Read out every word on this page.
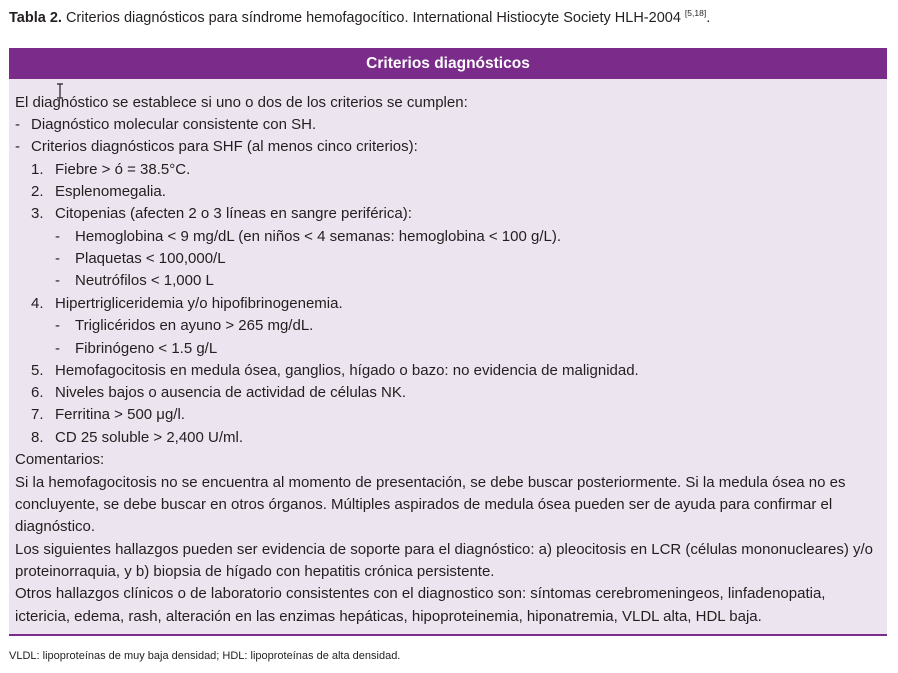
Tabla 2. Criterios diagnósticos para síndrome hemofagocítico. International Histiocyte Society HLH-2004 [5,18].
Criterios diagnósticos
El diagnóstico se establece si uno o dos de los criterios se cumplen:
- Diagnóstico molecular consistente con SH.
- Criterios diagnósticos para SHF (al menos cinco criterios):
1. Fiebre > ó = 38.5°C.
2. Esplenomegalia.
3. Citopenias (afecten 2 o 3 líneas en sangre periférica):
- Hemoglobina < 9 mg/dL (en niños < 4 semanas: hemoglobina < 100 g/L).
- Plaquetas < 100,000/L
- Neutrófilos < 1,000 L
4. Hipertrigliceridemia y/o hipofibrinogenemia.
- Triglicéridos en ayuno > 265 mg/dL.
- Fibrinógeno < 1.5 g/L
5. Hemofagocitosis en medula ósea, ganglios, hígado o bazo: no evidencia de malignidad.
6. Niveles bajos o ausencia de actividad de células NK.
7. Ferritina > 500 μg/l.
8. CD 25 soluble > 2,400 U/ml.
Comentarios:
Si la hemofagocitosis no se encuentra al momento de presentación, se debe buscar posteriormente. Si la medula ósea no es
concluyente, se debe buscar en otros órganos. Múltiples aspirados de medula ósea pueden ser de ayuda para confirmar el
diagnóstico.
Los siguientes hallazgos pueden ser evidencia de soporte para el diagnóstico: a) pleocitosis en LCR (células mononucleares) y/o
proteinorraquia, y b) biopsia de hígado con hepatitis crónica persistente.
Otros hallazgos clínicos o de laboratorio consistentes con el diagnostico son: síntomas cerebromeningeos, linfadenopatia,
ictericia, edema, rash, alteración en las enzimas hepáticas, hipoproteinemia, hiponatremia, VLDL alta, HDL baja.
VLDL: lipoproteínas de muy baja densidad; HDL: lipoproteínas de alta densidad.
